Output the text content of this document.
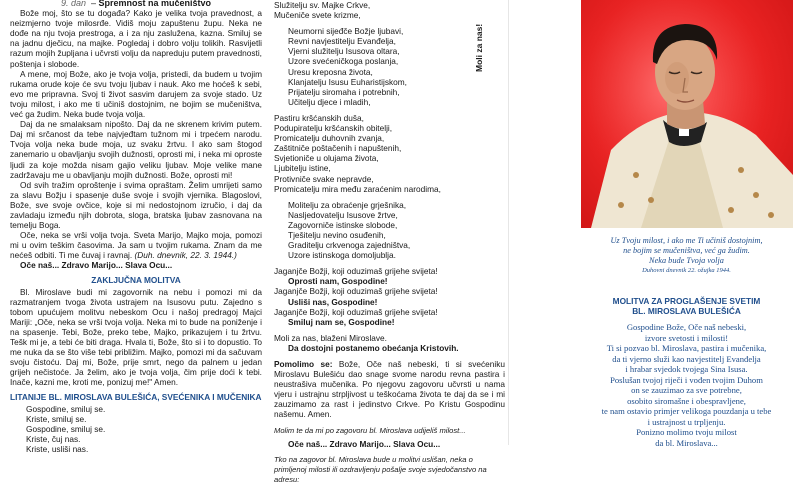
9. dan  – Spremnost na mučeništvo

Bože moj, što se tu događa? Kako je velika tvoja pravednost, a neizmjerno tvoje milosrđe. Vidiš moju zapuštenu župu. Neka ne dođe na nju tvoja prestroga, a i za nju zaslužena, kazna. Smiluj se na jadnu dječicu, na majke. Pogledaj i dobro volju tolikih. Rasvijetli razum mojih župljana i učvrsti volju da napreduju putem pravednosti, poštenja i slobode.

A mene, moj Bože, ako je tvoja volja, pristedi, da budem u tvojim rukama orude koje će svu tvoju ljubav i nauk. Ako me hoćeš k sebi, evo me pripravna. Svoj ti život sasvim darujem za svoje stado. Uz tvoju milost, i ako me ti učiniš dostojnim, ne bojim se mučeništva, već ga žudim. Neka bude tvoja volja.

Daj da ne smalaksam nipošto. Daj da ne skrenem krivim putem. Daj mi srčanost da tebe najvjeđtam tužnom mi i trpećem narodu. Tvoja volja neka bude moja, uz svaku žrtvu. I ako sam štogod zanemario u obavljanju svojih dužnosti, oprosti mi, i neka mi oproste ljudi za koje možda nisam gajio veliku ljubav. Moje velike mane zadržavaju me u obavljanju mojih dužnosti. Bože, oprosti mi!

Od svih tražim oproštenje i svima opraštam. Želim umrijeti samo za slavu Božju i spasenje duše svoje i svojih vjernika. Blagoslovi, Bože, sve svoje ovčice, koje si mi nedostojnom izručio, i daj da zavladaju između njih dobrota, sloga, bratska ljubav zasnovana na temelju Boga.

Oče, neka se vrši volja tvoja. Sveta Marijo, Majko moja, pomozi mi u ovim teškim časovima. Ja sam u tvojim rukama. Znam da me nećeš odbiti. Ti me čuvaj i ravnaj. (Duh. dnevnik, 22. 3. 1944.)

Oče naš... Zdravo Marijo... Slava Ocu...

ZAKLJUČNA MOLITVA

Bl. Miroslave budi mi zagovornik na nebu i pomozi mi da razmatranjem tvoga života ustrajem na Isusovu putu. Zajedno s tobom upućujem molitvu nebeskom Ocu i našoj predragoj Majci Mariji: „Oče, neka se vrši tvoja volja. Neka mi to bude na poniženje i na spasenje. Tebi, Bože, preko tebe, Majko, prikazujem i tu žrtvu. Tešk mi je, a tebi će biti draga. Hvala ti, Bože, što si i to dopustio. To me nuka da se što više tebi približim. Majko, pomozi mi da sačuvam svoju čistoću. Daj mi, Bože, prije smrt, nego da palnem u jedan grijeh nečistoće. Ja želim, ako je tvoja volja, čim prije doći k tebi. Inače, kazni me, kroti me, ponizuj me!" Amen.

LITANIJE BL. MIROSLAVA BULEŠIĆA, SVEĆENIKA I MUČENIKA
Gospodine, smiluj se.
Kriste, smiluj se.
Gospodine, smiluj se.
Kriste, čuj nas.
Kriste, usliši nas.
Služitelju sv. Majke Crkve,
Mučeniče svete krizme,
Neumorni sijeđče Božje ljubavi,
Revni navjestitelju Evanđelja,
Vjerni služitelju Isusova oltara,
Uzore svećeničkoga poslanja,
Uresu kreposna života,
Klanjatelju Isusu Euharistijskom,
Prijatelju siromaha i potrebnih,
Učitelju djece i mladih,
Pastiru kršćanskih duša,
Podupiratelju kršćanskih obitelji,
Promicatelju duhovnih zvanja,
Zaštitniče poštačenih i napuštenih,
Svjetioniče u olujama života,
Ljubitelju istine,
Protivniče svake nepravde,
Promicatelju mira među zaraćenim narodima,
Molitelju za obraćenje grješnika,
Nasljedovatelju Isusove žrtve,
Zagovorniče istinske slobode,
Tješitelju nevino osuđenih,
Graditelju crkvenoga zajedništva,
Uzore istinskoga domoljublja.
Jaganjče Božji, koji oduzimaš grijehe svijeta!
Oprosti nam, Gospodine!
Jaganjče Božji, koji oduzimaš grijehe svijeta!
Usliši nas, Gospodine!
Jaganjče Božji, koji oduzimaš grijehe svijeta!
Smiluj nam se, Gospodine!
Moli za nas, blaženi Miroslave.
Da dostojni postanemo obećanja Kristovih.

Pomolimo se: Bože, Oče naš nebeski, ti si svećeniku Miroslavu Bulešiću dao snage svome narodu revna pastira i neustrašiva mučenika. Po njegovu zagovoru učvrsti u nama vjeru i ustrajnu strpljivost u teškoćama života te daj da se i mi zauzimamo za rast i jedinstvo Crkve. Po Kristu Gospodinu našemu. Amen.

Molim te da mi po zagovoru bl. Miroslava udijeliš milost...
Oče naš... Zdravo Marijo... Slava Ocu...
Tko na zagovor bl. Miroslava bude u molitvi uslišan, neka o primljenoj milosti ili ozdravljenju pošalje svoje svjedočanstvo na adresu:
Moli za nas!
Uz Tvoju milost, i ako me Ti učiniš dostojnim,
ne bojim se mučeništva, već ga žudim.
Neka bude Tvoja volja
Duhovni dnevnik 22. ožujka 1944.
MOLITVA ZA PROGLAŠENJE SVETIM
BL. MIROSLAVA BULEŠIĆA
Gospodine Bože, Oče naš nebeski,
izvore svetosti i milosti!
Ti si pozvao bl. Miroslava, pastira i mučenika,
da ti vjerno služi kao navjestitelj Evanđelja
i hrabar svjedok tvojega Sina Isusa.
Poslušan tvojoj riječi i vođen tvojim Duhom
on se zauzimao za sve potrebne,
osobito siromašne i obespravljene,
te nam ostavio primjer velikoga pouzdanja u tebe
i ustrajnost u trpljenju.
Ponizno molimo tvoju milost
da bl. Miroslava...
